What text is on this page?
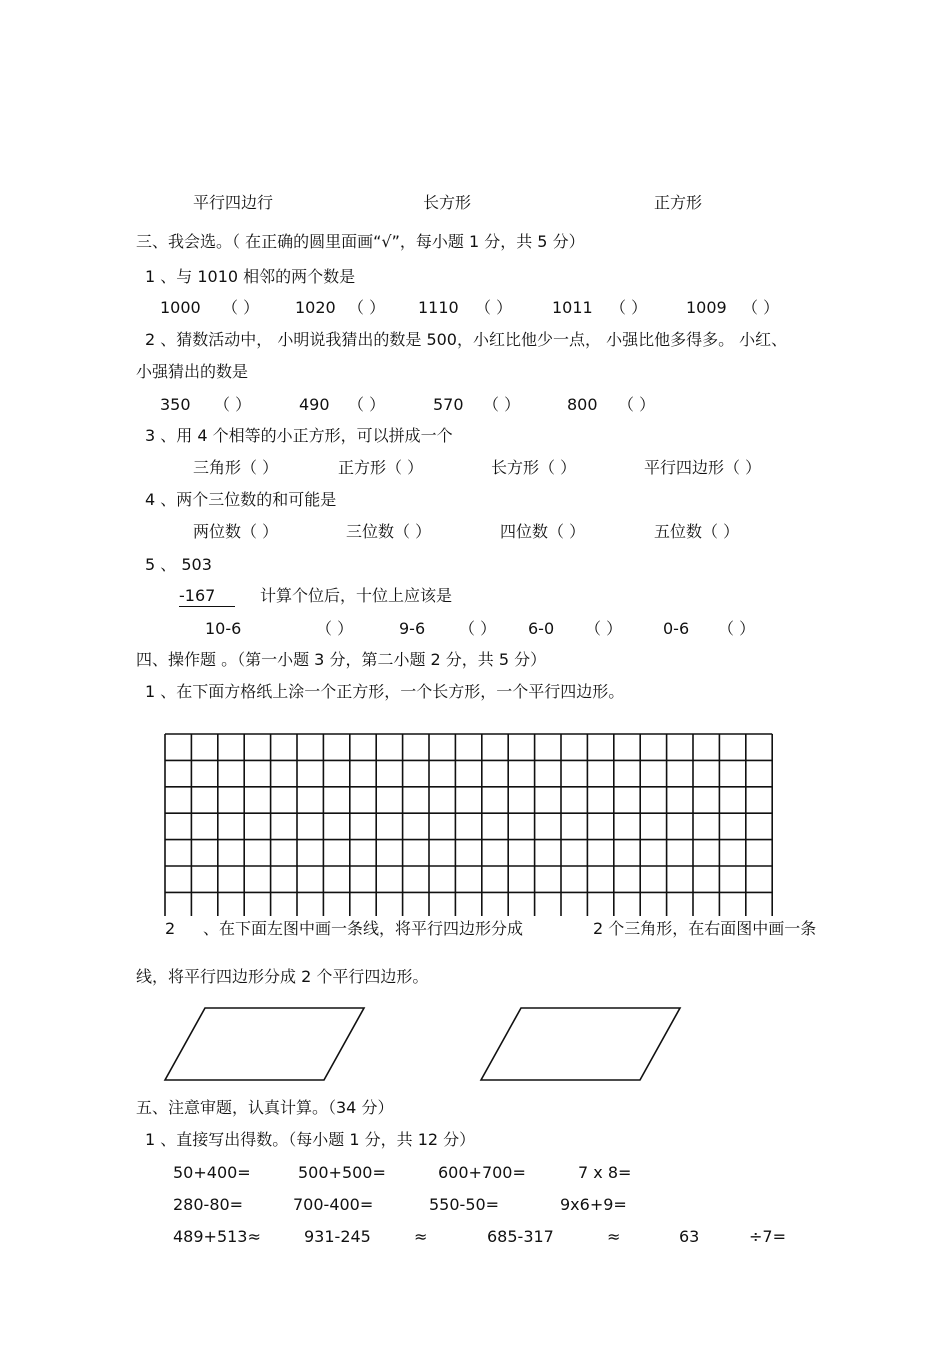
平行四边行	长方形	正方形
三、我会选。（ 在正确的圆里面画“√”，每小题 1 分，共 5 分）
1 、与 1010 相邻的两个数是
1000 （ ） 1020 （ ） 1110 （ ） 1011 （ ） 1009 （ ）
2 、猜数活动中， 小明说我猜出的数是 500，小红比他少一点， 小强比他多得多。 小红、
小强猜出的数是
350 （ ）	490 （ ）	570 （ ）	800 （ ）
3 、用 4 个相等的小正方形，可以拼成一个
三角形（ ）	正方形（ ）	长方形（ ）	平行四边形（ ）
4 、两个三位数的和可能是
两位数（ ）	三位数（ ）	四位数（ ）	五位数（ ）
5 、 503
-167	计算个位后，十位上应该是
10-6	（ ）	9-6 （ ） 6-0 （ ）	0-6 （ ）
四、操作题 。（第一小题 3 分，第二小题 2 分，共 5 分）
1 、在下面方格纸上涂一个正方形，一个长方形，一个平行四边形。
2 、在下面左图中画一条线，将平行四边形分成	2 个三角形，在右面图中画一条
线，将平行四边形分成 2 个平行四边形。
五、注意审题，认真计算。（34 分）
1 、直接写出得数。（每小题 1 分，共 12 分）
50+400=	500+500=	600+700=	7 x 8=
280-80=	700-400=	550-50=	9x6+9=
489+513≈	931-245	≈	685-317	≈	63	÷7=
